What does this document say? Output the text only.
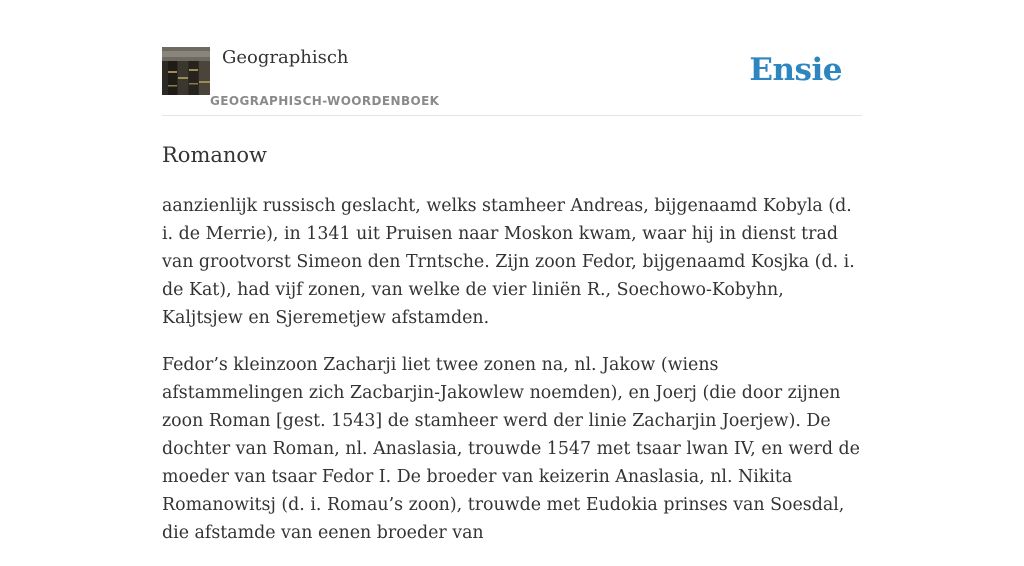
Geographisch
GEOGRAPHISCH-WOORDENBOEK
Ensie
Romanow

aanzienlijk russisch geslacht, welks stamheer Andreas, bijgenaamd Kobyla (d. i. de Merrie), in 1341 uit Pruisen naar Moskon kwam, waar hij in dienst trad van grootvorst Simeon den Trntsche. Zijn zoon Fedor, bijgenaamd Kosjka (d. i. de Kat), had vijf zonen, van welke de vier liniën R., Soechowo-Kobyhn, Kaljtsjew en Sjeremetjew afstamden.

Fedor’s kleinzoon Zacharji liet twee zonen na, nl. Jakow (wiens afstammelingen zich Zacbarjin-Jakowlew noemden), en Joerj (die door zijnen zoon Roman [gest. 1543] de stamheer werd der linie Zacharjin Joerjew). De dochter van Roman, nl. Anaslasia, trouwde 1547 met tsaar lwan IV, en werd de moeder van tsaar Fedor I. De broeder van keizerin Anaslasia, nl. Nikita Romanowitsj (d. i. Romau’s zoon), trouwde met Eudokia prinses van Soesdal, die afstamde van eenen broeder van
